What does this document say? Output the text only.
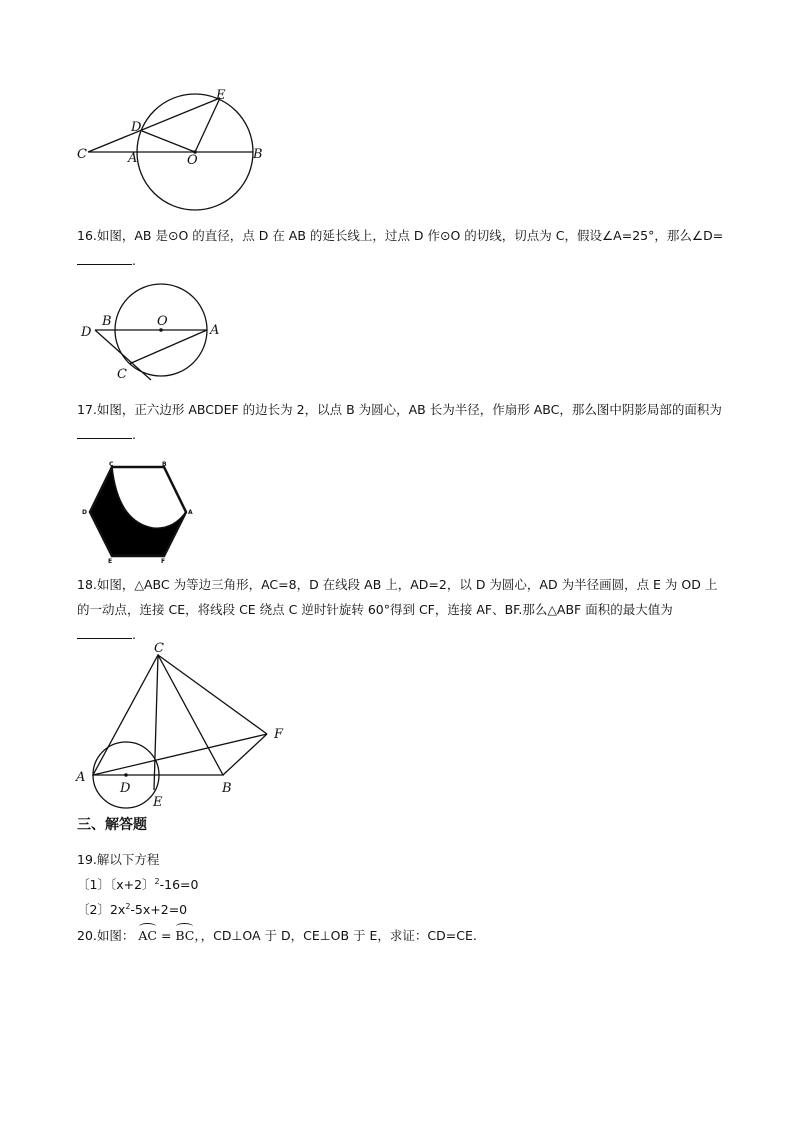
C	A
D
E
O	B

16.如图，AB 是⊙O 的直径，点 D 在 AB 的延长线上，过点 D 作⊙O 的切线，切点为 C，假设∠A=25°，那么∠D=.

D
B	O
A
C

17.如图，正六边形 ABCDEF 的边长为 2，以点 B 为圆心，AB 长为半径，作扇形 ABC，那么图中阴影局部的面积为.

C	B
D	A
E	F

18.如图，△ABC 为等边三角形，AC=8，D 在线段 AB 上，AD=2，以 D 为圆心，AD 为半径画圆，点 E 为 OD 上的一动点，连接 CE，将线段 CE 绕点 C 逆时针旋转 60°得到 CF，连接 AF、BF.那么△ABF 面积的最大值为.

C
F
A
D
E
B

三、解答题

19.解以下方程

〔1〕〔x+2〕$^2$-16=0

〔2〕$2x^2-5x+2=0$

20.如图： AC = BC，，CD⊥OA 于 D，CE⊥OB 于 E，求证：CD=CE.
